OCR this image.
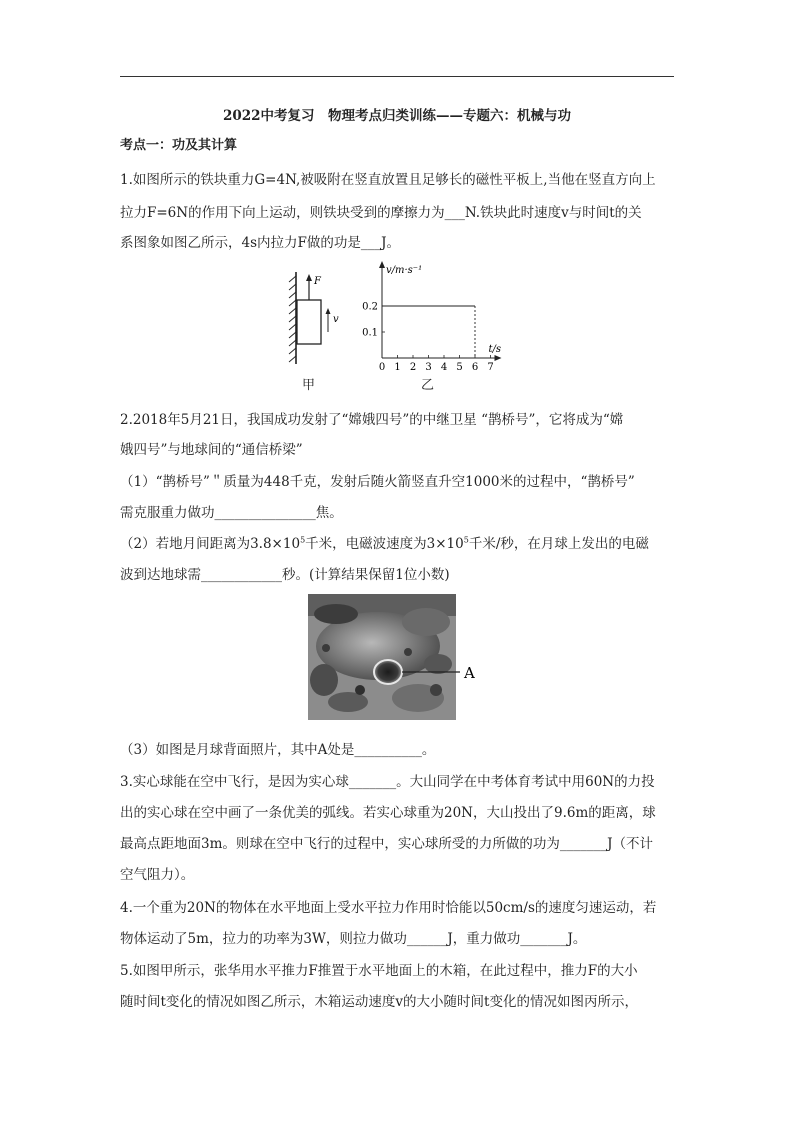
2022中考复习　物理考点归类训练——专题六：机械与功
考点一：功及其计算
1.如图所示的铁块重力G=4N,被吸附在竖直放置且足够长的磁性平板上,当他在竖直方向上
拉力F=6N的作用下向上运动，则铁块受到的摩擦力为___N.铁块此时速度v与时间t的关
系图象如图乙所示，4s内拉力F做的功是___J。
F
v
甲
v/m·s⁻¹
t/s
0 1 2 3 4 5 6 7
0.1
0.2
乙
2.2018年5月21日，我国成功发射了“嫦娥四号”的中继卫星 “鹊桥号”，它将成为“嫦
娥四号”与地球间的“通信桥梁”
（1）“鹊桥号”＂质量为448千克，发射后随火箭竖直升空1000米的过程中，“鹊桥号”
需克服重力做功_______________焦。
（2）若地月间距离为$3.8\times 10^5$千米，电磁波速度为$3\times 10^5$千米/秒，在月球上发出的电磁
波到达地球需____________秒。(计算结果保留1位小数)
A
（3）如图是月球背面照片，其中A处是__________。
3.实心球能在空中飞行，是因为实心球_______。大山同学在中考体育考试中用60N的力投
出的实心球在空中画了一条优美的弧线。若实心球重为20N，大山投出了9.6m的距离，球
最高点距地面3m。则球在空中飞行的过程中，实心球所受的力所做的功为_______J（不计
空气阻力）。
4.一个重为20N的物体在水平地面上受水平拉力作用时恰能以50cm/s的速度匀速运动，若
物体运动了5m，拉力的功率为3W，则拉力做功______J，重力做功_______J。
5.如图甲所示，张华用水平推力F推置于水平地面上的木箱，在此过程中，推力F的大小
随时间t变化的情况如图乙所示，木箱运动速度v的大小随时间t变化的情况如图丙所示，
